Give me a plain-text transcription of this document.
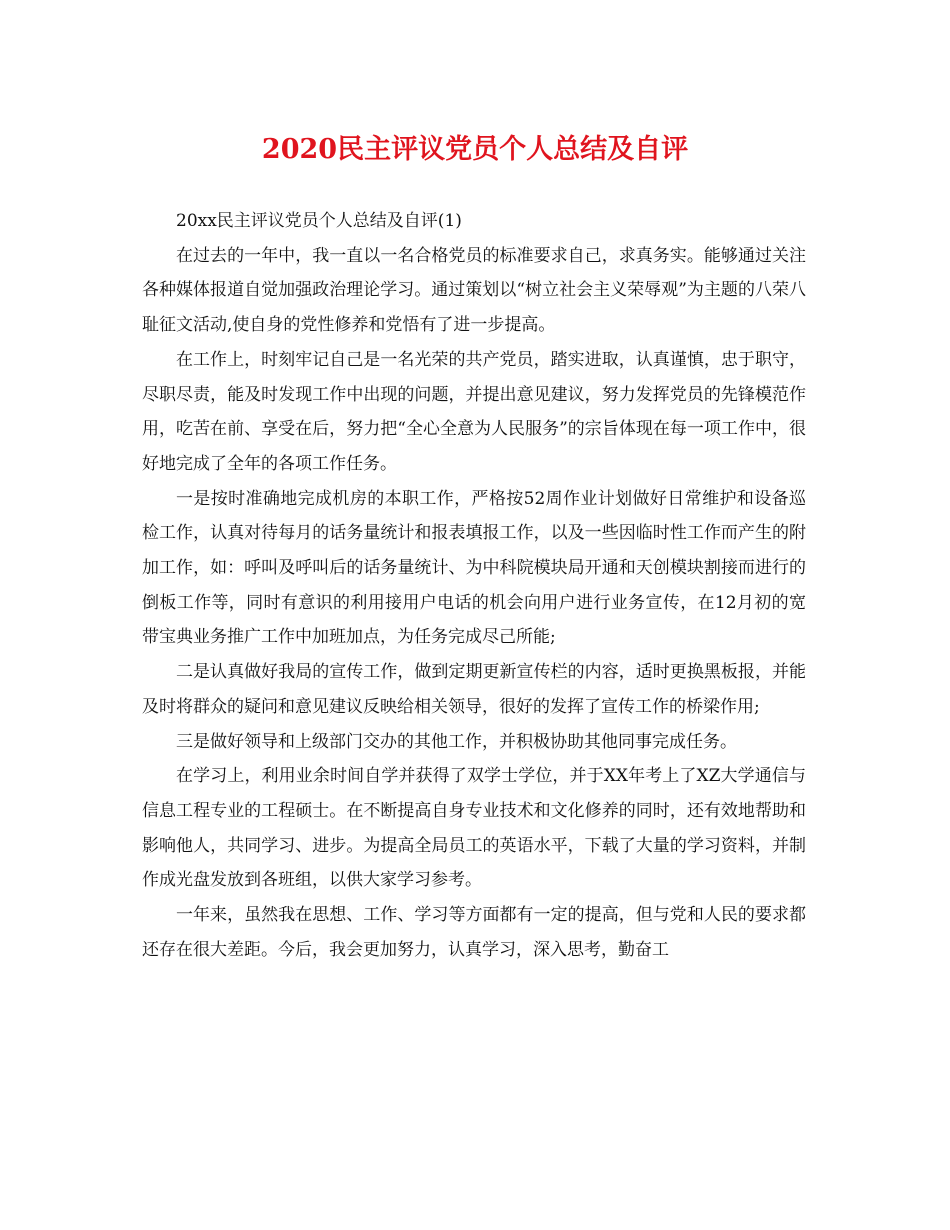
2020民主评议党员个人总结及自评

20xx民主评议党员个人总结及自评(1)

在过去的一年中，我一直以一名合格党员的标准要求自己，求真务实。能够通过关注各种媒体报道自觉加强政治理论学习。通过策划以“树立社会主义荣辱观”为主题的八荣八耻征文活动,使自身的党性修养和党悟有了进一步提高。

在工作上，时刻牢记自己是一名光荣的共产党员，踏实进取，认真谨慎，忠于职守，尽职尽责，能及时发现工作中出现的问题，并提出意见建议，努力发挥党员的先锋模范作用，吃苦在前、享受在后，努力把“全心全意为人民服务”的宗旨体现在每一项工作中，很好地完成了全年的各项工作任务。

一是按时准确地完成机房的本职工作，严格按52周作业计划做好日常维护和设备巡检工作，认真对待每月的话务量统计和报表填报工作，以及一些因临时性工作而产生的附加工作，如：呼叫及呼叫后的话务量统计、为中科院模块局开通和天创模块割接而进行的倒板工作等，同时有意识的利用接用户电话的机会向用户进行业务宣传，在12月初的宽带宝典业务推广工作中加班加点，为任务完成尽己所能;

二是认真做好我局的宣传工作，做到定期更新宣传栏的内容，适时更换黑板报，并能及时将群众的疑问和意见建议反映给相关领导，很好的发挥了宣传工作的桥梁作用;

三是做好领导和上级部门交办的其他工作，并积极协助其他同事完成任务。

在学习上，利用业余时间自学并获得了双学士学位，并于XX年考上了XZ大学通信与信息工程专业的工程硕士。在不断提高自身专业技术和文化修养的同时，还有效地帮助和影响他人，共同学习、进步。为提高全局员工的英语水平，下载了大量的学习资料，并制作成光盘发放到各班组，以供大家学习参考。

一年来，虽然我在思想、工作、学习等方面都有一定的提高，但与党和人民的要求都还存在很大差距。今后，我会更加努力，认真学习，深入思考，勤奋工
